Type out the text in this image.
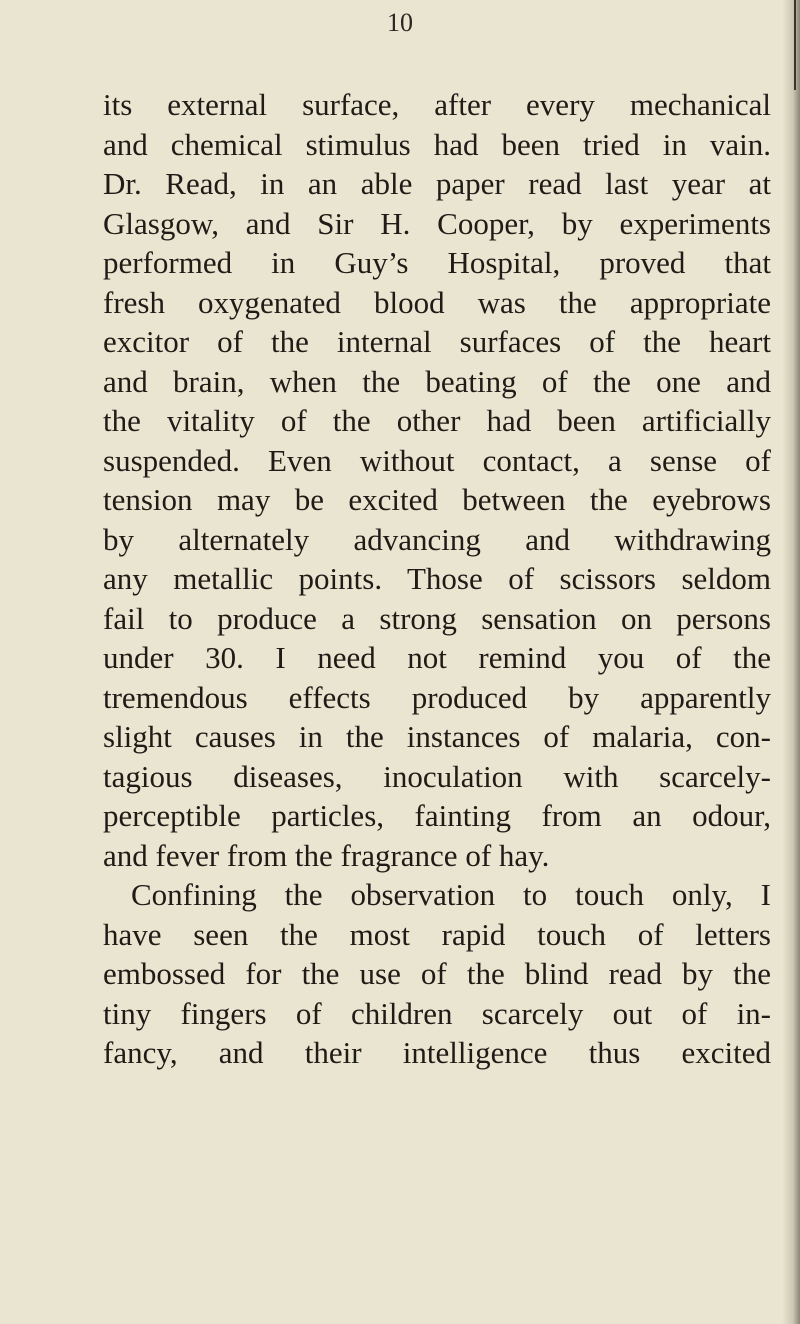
10
its external surface, after every mechanical
and chemical stimulus had been tried in vain.
Dr. Read, in an able paper read last year at
Glasgow, and Sir H. Cooper, by experiments
performed in Guy’s Hospital, proved that
fresh oxygenated blood was the appropriate
excitor of the internal surfaces of the heart
and brain, when the beating of the one and
the vitality of the other had been artificially
suspended. Even without contact, a sense of
tension may be excited between the eyebrows
by alternately advancing and withdrawing
any metallic points. Those of scissors seldom
fail to produce a strong sensation on persons
under 30. I need not remind you of the
tremendous effects produced by apparently
slight causes in the instances of malaria, con-
tagious diseases, inoculation with scarcely-
perceptible particles, fainting from an odour,
and fever from the fragrance of hay.
Confining the observation to touch only, I
have seen the most rapid touch of letters
embossed for the use of the blind read by the
tiny fingers of children scarcely out of in-
fancy, and their intelligence thus excited
